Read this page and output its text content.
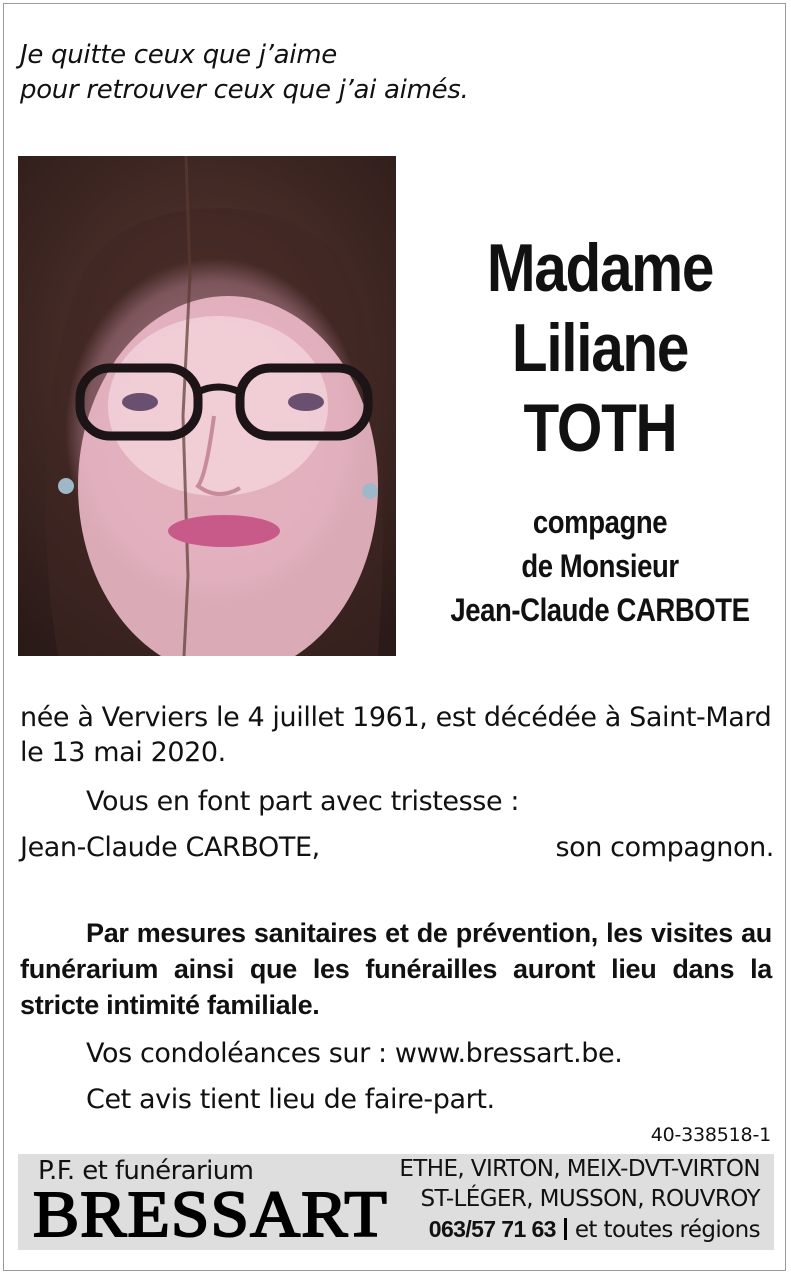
Je quitte ceux que j’aime
pour retrouver ceux que j’ai aimés.
Madame
Liliane
TOTH
compagne
de Monsieur
Jean-Claude CARBOTE
née à Verviers le 4 juillet 1961, est décédée à Saint-Mard le 13 mai 2020.
Vous en font part avec tristesse :
Jean-Claude CARBOTE,	son compagnon.
Par mesures sanitaires et de prévention, les visites au funérarium ainsi que les funérailles auront lieu dans la stricte intimité familiale.
Vos condoléances sur : www.bressart.be.
Cet avis tient lieu de faire-part.
40-338518-1
P.F. et funérarium
BRESSART
ETHE, VIRTON, MEIX-DVT-VIRTON
ST-LÉGER, MUSSON, ROUVROY
063/57 71 63 et toutes régions
